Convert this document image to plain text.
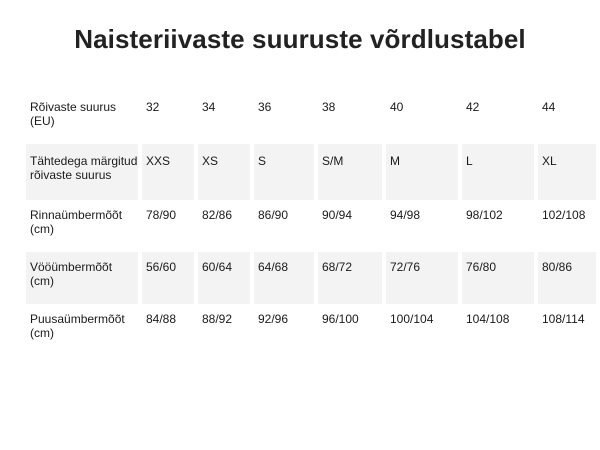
Naisteriivaste suuruste võrdlustabel
Rõivaste suurus (EU)	32	34	36	38	40	42	44
Tähtedega märgitud rõivaste suurus	XXS	XS	S	S/M	M	L	XL
Rinnaümbermõõt (cm)	78/90	82/86	86/90	90/94	94/98	98/102	102/108
Vööümbermõõt (cm)	56/60	60/64	64/68	68/72	72/76	76/80	80/86
Puusaümbermõõt (cm)	84/88	88/92	92/96	96/100	100/104	104/108	108/114
